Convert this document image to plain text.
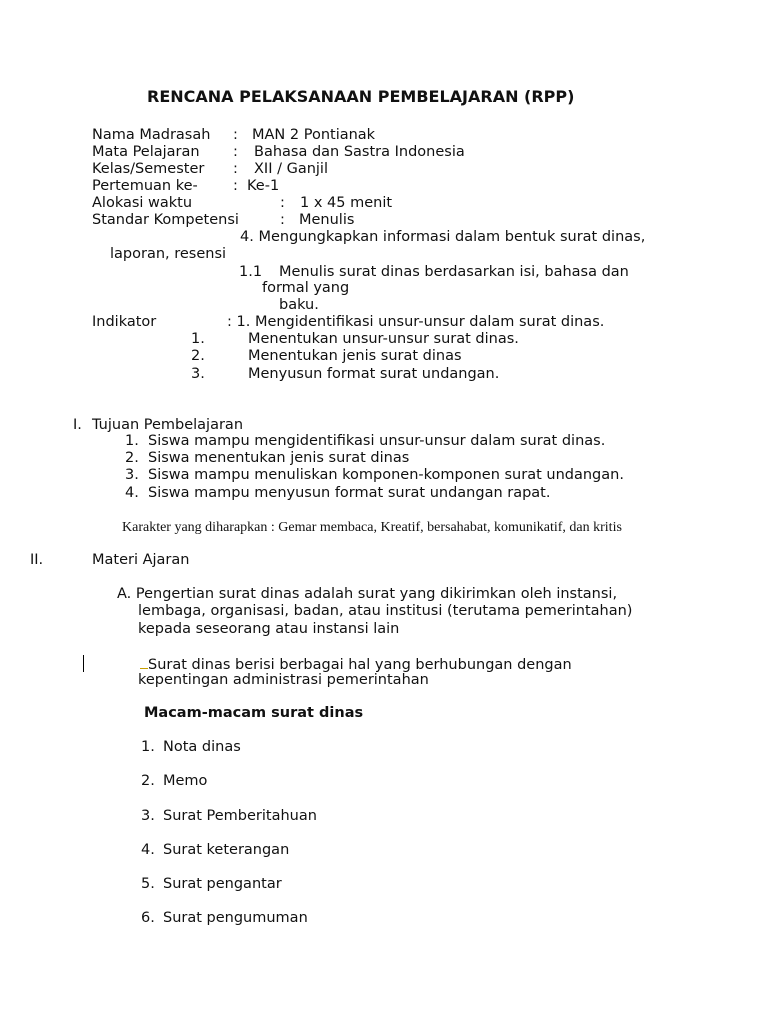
RENCANA PELAKSANAAN PEMBELAJARAN (RPP)
Nama Madrasah : MAN 2 Pontianak
Mata Pelajaran : Bahasa dan Sastra Indonesia
Kelas/Semester : XII / Ganjil
Pertemuan ke- : Ke-1
Alokasi waktu	: 1 x 45 menit
Standar Kompetensi	: Menulis
4. Mengungkapkan informasi dalam bentuk surat dinas,
laporan, resensi
1.1 Menulis surat dinas berdasarkan isi, bahasa dan
formal yang
baku.
Indikator	: 1. Mengidentifikasi unsur-unsur dalam surat dinas.
1.	Menentukan unsur-unsur surat dinas.
2.	Menentukan jenis surat dinas
3.	Menyusun format surat undangan.
I. Tujuan Pembelajaran
1. Siswa mampu mengidentifikasi unsur-unsur dalam surat dinas.
2. Siswa menentukan jenis surat dinas
3. Siswa mampu menuliskan komponen-komponen surat undangan.
4. Siswa mampu menyusun format surat undangan rapat.
Karakter yang diharapkan : Gemar membaca, Kreatif, bersahabat, komunikatif, dan kritis
II.	Materi Ajaran
A. Pengertian surat dinas adalah surat yang dikirimkan oleh instansi,
lembaga, organisasi, badan, atau institusi (terutama pemerintahan)
kepada seseorang atau instansi lain
Surat dinas berisi berbagai hal yang berhubungan dengan
kepentingan administrasi pemerintahan
Macam-macam surat dinas
1. Nota dinas
2. Memo
3. Surat Pemberitahuan
4. Surat keterangan
5. Surat pengantar
6. Surat pengumuman
